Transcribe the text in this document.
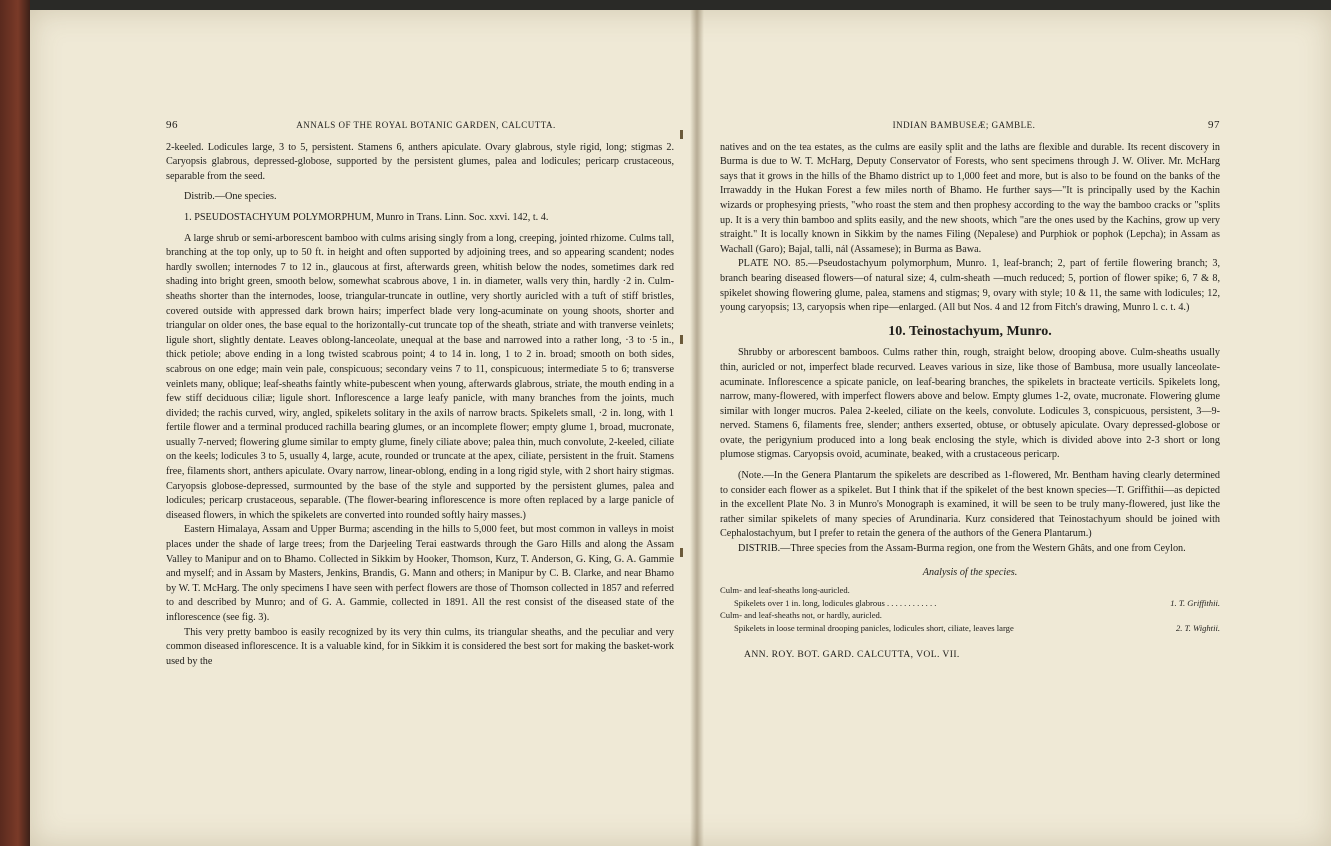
96	ANNALS OF THE ROYAL BOTANIC GARDEN, CALCUTTA.

2-keeled. Lodicules large, 3 to 5, persistent. Stamens 6, anthers apiculate. Ovary glabrous, style rigid, long; stigmas 2. Caryopsis glabrous, depressed-globose, supported by the persistent glumes, palea and lodicules; pericarp crustaceous, separable from the seed.

Distrib.—One species.

1. PSEUDOSTACHYUM POLYMORPHUM, Munro in Trans. Linn. Soc. xxvi. 142, t. 4.

A large shrub or semi-arborescent bamboo with culms arising singly from a long, creeping, jointed rhizome. Culms tall, branching at the top only, up to 50 ft. in height and often supported by adjoining trees, and so appearing scandent; nodes hardly swollen; internodes 7 to 12 in., glaucous at first, afterwards green, whitish below the nodes, sometimes dark red shading into bright green, smooth below, somewhat scabrous above, 1 in. in diameter, walls very thin, hardly ·2 in. Culm-sheaths shorter than the internodes, loose, triangular-truncate in outline, very shortly auricled with a tuft of stiff bristles, covered outside with appressed dark brown hairs; imperfect blade very long-acuminate on young shoots, shorter and triangular on older ones, the base equal to the horizontally-cut truncate top of the sheath, striate and with tranverse veinlets; ligule short, slightly dentate. Leaves oblong-lanceolate, unequal at the base and narrowed into a rather long, ·3 to ·5 in., thick petiole; above ending in a long twisted scabrous point; 4 to 14 in. long, 1 to 2 in. broad; smooth on both sides, scabrous on one edge; main vein pale, conspicuous; secondary veins 7 to 11, conspicuous; intermediate 5 to 6; transverse veinlets many, oblique; leaf-sheaths faintly white-pubescent when young, afterwards glabrous, striate, the mouth ending in a few stiff deciduous ciliæ; ligule short. Inflorescence a large leafy panicle, with many branches from the joints, much divided; the rachis curved, wiry, angled, spikelets solitary in the axils of narrow bracts. Spikelets small, ·2 in. long, with 1 fertile flower and a terminal produced rachilla bearing glumes, or an incomplete flower; empty glume 1, broad, mucronate, usually 7-nerved; flowering glume similar to empty glume, finely ciliate above; palea thin, much convolute, 2-keeled, ciliate on the keels; lodicules 3 to 5, usually 4, large, acute, rounded or truncate at the apex, ciliate, persistent in the fruit. Stamens free, filaments short, anthers apiculate. Ovary narrow, linear-oblong, ending in a long rigid style, with 2 short hairy stigmas. Caryopsis globose-depressed, surmounted by the base of the style and supported by the persistent glumes, palea and lodicules; pericarp crustaceous, separable. (The flower-bearing inflorescence is more often replaced by a large panicle of diseased flowers, in which the spikelets are converted into rounded softly hairy masses.)

Eastern Himalaya, Assam and Upper Burma; ascending in the hills to 5,000 feet, but most common in valleys in moist places under the shade of large trees; from the Darjeeling Terai eastwards through the Garo Hills and along the Assam Valley to Manipur and on to Bhamo. Collected in Sikkim by Hooker, Thomson, Kurz, T. Anderson, G. King, G. A. Gammie and myself; and in Assam by Masters, Jenkins, Brandis, G. Mann and others; in Manipur by C. B. Clarke, and near Bhamo by W. T. McHarg. The only specimens I have seen with perfect flowers are those of Thomson collected in 1857 and referred to and described by Munro; and of G. A. Gammie, collected in 1891. All the rest consist of the diseased state of the inflorescence (see fig. 3).

This very pretty bamboo is easily recognized by its very thin culms, its triangular sheaths, and the peculiar and very common diseased inflorescence. It is a valuable kind, for in Sikkim it is considered the best sort for making the basket-work used by the

INDIAN BAMBUSEÆ; GAMBLE.	97

natives and on the tea estates, as the culms are easily split and the laths are flexible and durable. Its recent discovery in Burma is due to W. T. McHarg, Deputy Conservator of Forests, who sent specimens through J. W. Oliver. Mr. McHarg says that it grows in the hills of the Bhamo district up to 1,000 feet and more, but is also to be found on the banks of the Irrawaddy in the Hukan Forest a few miles north of Bhamo. He further says—"It is principally used by the Kachin wizards or prophesying priests, "who roast the stem and then prophesy according to the way the bamboo cracks or "splits up. It is a very thin bamboo and splits easily, and the new shoots, which "are the ones used by the Kachins, grow up very straight." It is locally known in Sikkim by the names Filing (Nepalese) and Purphiok or pophok (Lepcha); in Assam as Wachall (Garo); Bajal, talli, nál (Assamese); in Burma as Bawa.

PLATE NO. 85.—Pseudostachyum polymorphum, Munro. 1, leaf-branch; 2, part of fertile flowering branch; 3, branch bearing diseased flowers—of natural size; 4, culm-sheath —much reduced; 5, portion of flower spike; 6, 7 & 8, spikelet showing flowering glume, palea, stamens and stigmas; 9, ovary with style; 10 & 11, the same with lodicules; 12, young caryopsis; 13, caryopsis when ripe—enlarged. (All but Nos. 4 and 12 from Fitch's drawing, Munro l. c. t. 4.)

10. Teinostachyum, Munro.

Shrubby or arborescent bamboos. Culms rather thin, rough, straight below, drooping above. Culm-sheaths usually thin, auricled or not, imperfect blade recurved. Leaves various in size, like those of Bambusa, more usually lanceolate-acuminate. Inflorescence a spicate panicle, on leaf-bearing branches, the spikelets in bracteate verticils. Spikelets long, narrow, many-flowered, with imperfect flowers above and below. Empty glumes 1-2, ovate, mucronate. Flowering glume similar with longer mucros. Palea 2-keeled, ciliate on the keels, convolute. Lodicules 3, conspicuous, persistent, 3—9-nerved. Stamens 6, filaments free, slender; anthers exserted, obtuse, or obtusely apiculate. Ovary depressed-globose or ovate, the perigynium produced into a long beak enclosing the style, which is divided above into 2-3 short or long plumose stigmas. Caryopsis ovoid, acuminate, beaked, with a crustaceous pericarp.

(Note.—In the Genera Plantarum the spikelets are described as 1-flowered, Mr. Bentham having clearly determined to consider each flower as a spikelet. But I think that if the spikelet of the best known species—T. Griffithii—as depicted in the excellent Plate No. 3 in Munro's Monograph is examined, it will be seen to be truly many-flowered, just like the rather similar spikelets of many species of Arundinaria. Kurz considered that Teinostachyum should be joined with Cephalostachyum, but I prefer to retain the genera of the authors of the Genera Plantarum.)

DISTRIB.—Three species from the Assam-Burma region, one from the Western Ghâts, and one from Ceylon.

Analysis of the species.
Culm- and leaf-sheaths long-auricled.
Spikelets over 1 in. long, lodicules glabrous . . . . . . . . . . . .	1. T. Griffithii.
Culm- and leaf-sheaths not, or hardly, auricled.
Spikelets in loose terminal drooping panicles, lodicules short, ciliate, leaves large	2. T. Wightii.
ANN. ROY. BOT. GARD. CALCUTTA, VOL. VII.
